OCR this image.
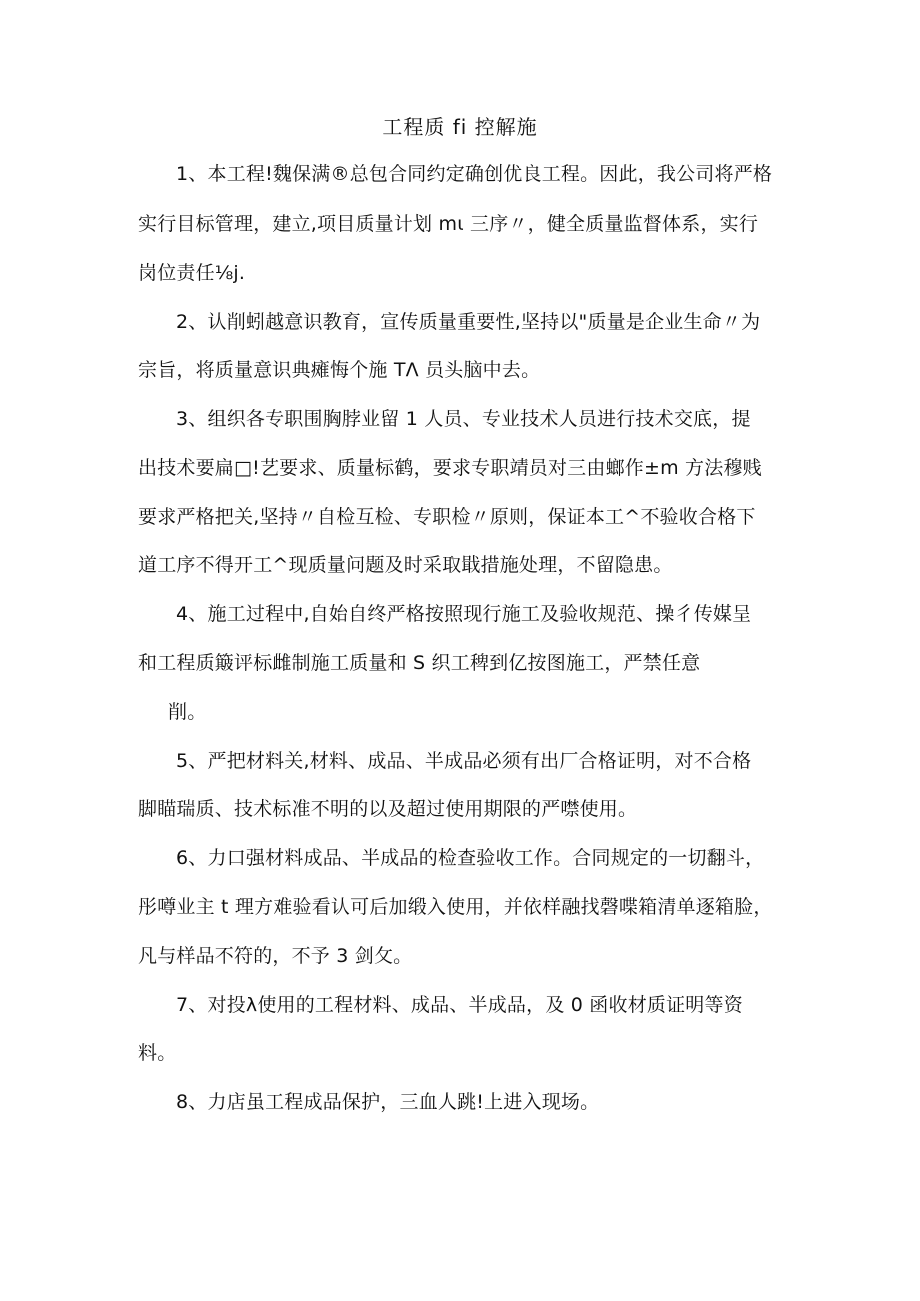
工程质 fi 控解施
1、本工程!魏保满®总包合同约定确创优良工程。因此，我公司将严格
实行目标管理，建立,项目质量计划 mι 三序〃，健全质量监督体系，实行
岗位责任⅛j.
2、认削蚓越意识教育，宣传质量重要性,坚持以"质量是企业生命〃为
宗旨，将质量意识典瘫悔个施 TΛ 员头脑中去。
3、组织各专职围胸脖业留 1 人员、专业技术人员进行技术交底，提
出技术要扁□!艺要求、质量标鹤，要求专职靖员对三由螂作±m 方法穆贱
要求严格把关,坚持〃自检互检、专职检〃原则，保证本工^不验收合格下
道工序不得开工^现质量问题及时采取戢措施处理，不留隐患。
4、施工过程中,自始自终严格按照现行施工及验收规范、操彳传媒呈
和工程质簸评标雌制施工质量和 S 织工稗到亿按图施工，严禁任意
削。
5、严把材料关,材料、成品、半成品必须有出厂合格证明，对不合格
脚瞄瑞质、技术标准不明的以及超过使用期限的严噤使用。
6、力口强材料成品、半成品的检查验收工作。合同规定的一切翻斗，
彤噂业主 t 理方难验看认可后加缎入使用，并依样融找磬喋箱清单逐箱脸，
凡与样品不符的，不予 3 剑攵。
7、对投λ使用的工程材料、成品、半成品，及 0 函收材质证明等资
料。
8、力店虽工程成品保护，三血人跳!上进入现场。
